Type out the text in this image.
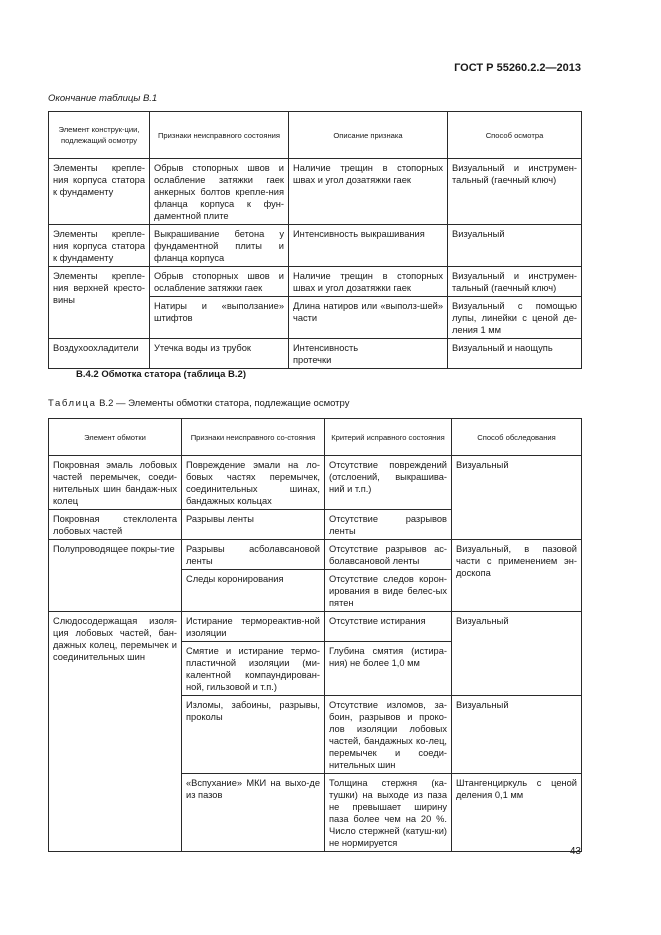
ГОСТ Р 55260.2.2—2013
Окончание таблицы В.1
Элемент конструк-ции, подлежащий осмотру	Признаки неисправного состояния	Описание признака	Способ осмотра
Элементы крепле-ния корпуса статора к фундаменту	Обрыв стопорных швов и ослабление затяжки гаек анкерных болтов крепле-ния фланца корпуса к фун-даментной плите	Наличие трещин в стопорных швах и угол дозатяжки гаек	Визуальный и инструмен-тальный (гаечный ключ)
Элементы крепле-ния корпуса статора к фундаменту	Выкрашивание бетона у фундаментной плиты и фланца корпуса	Интенсивность выкрашивания	Визуальный
Элементы крепле-ния верхней кресто-вины	Обрыв стопорных швов и ослабление затяжки гаек	Наличие трещин в стопорных швах и угол дозатяжки гаек	Визуальный и инструмен-тальный (гаечный ключ)
	Натиры и «выползание» штифтов	Длина натиров или «выполз-шей» части	Визуальный с помощью лупы, линейки с ценой де-ления 1 мм
Воздухоохладители	Утечка воды из трубок	Интенсивность протечки	Визуальный и наощупь
В.4.2 Обмотка статора (таблица В.2)
Таблица В.2 — Элементы обмотки статора, подлежащие осмотру
Элемент обмотки	Признаки неисправного со-стояния	Критерий исправного состояния	Способ обследования
Покровная эмаль лобовых частей перемычек, соеди-нительных шин бандаж-ных колец	Повреждение эмали на ло-бовых частях перемычек, соединительных шинах, бандажных кольцах	Отсутствие повреждений (отслоений, выкрашива-ний и т.п.)	Визуальный
Покровная стеклолента лобовых частей	Разрывы ленты	Отсутствие разрывов ленты	
Полупроводящее покры-тие	Разрывы асболавсановой ленты	Отсутствие разрывов ас-болавсановой ленты	Визуальный, в пазовой части с применением эн-доскопа
	Следы коронирования	Отсутствие следов корон-ирования в виде белес-ых пятен	
Слюдосодержащая изоля-ция лобовых частей, бан-дажных колец, перемычек и соединительных шин	Истирание термореактив-ной изоляции	Отсутствие истирания	Визуальный
	Смятие и истирание термо-пластичной изоляции (ми-калентной компаундирован-ной, гильзовой и т.п.)	Глубина смятия (истира-ния) не более 1,0 мм	
	Изломы, забоины, разрывы, проколы	Отсутствие изломов, за-боин, разрывов и проко-лов изоляции лобовых частей, бандажных ко-лец, перемычек и соеди-нительных шин	Визуальный
	«Вспухание» МКИ на выхо-де из пазов	Толщина стержня (ка-тушки) на выходе из паза не превышает ширину паза более чем на 20 %. Число стержней (катуш-ки) не нормируется	Штангенциркуль с ценой деления 0,1 мм
43
